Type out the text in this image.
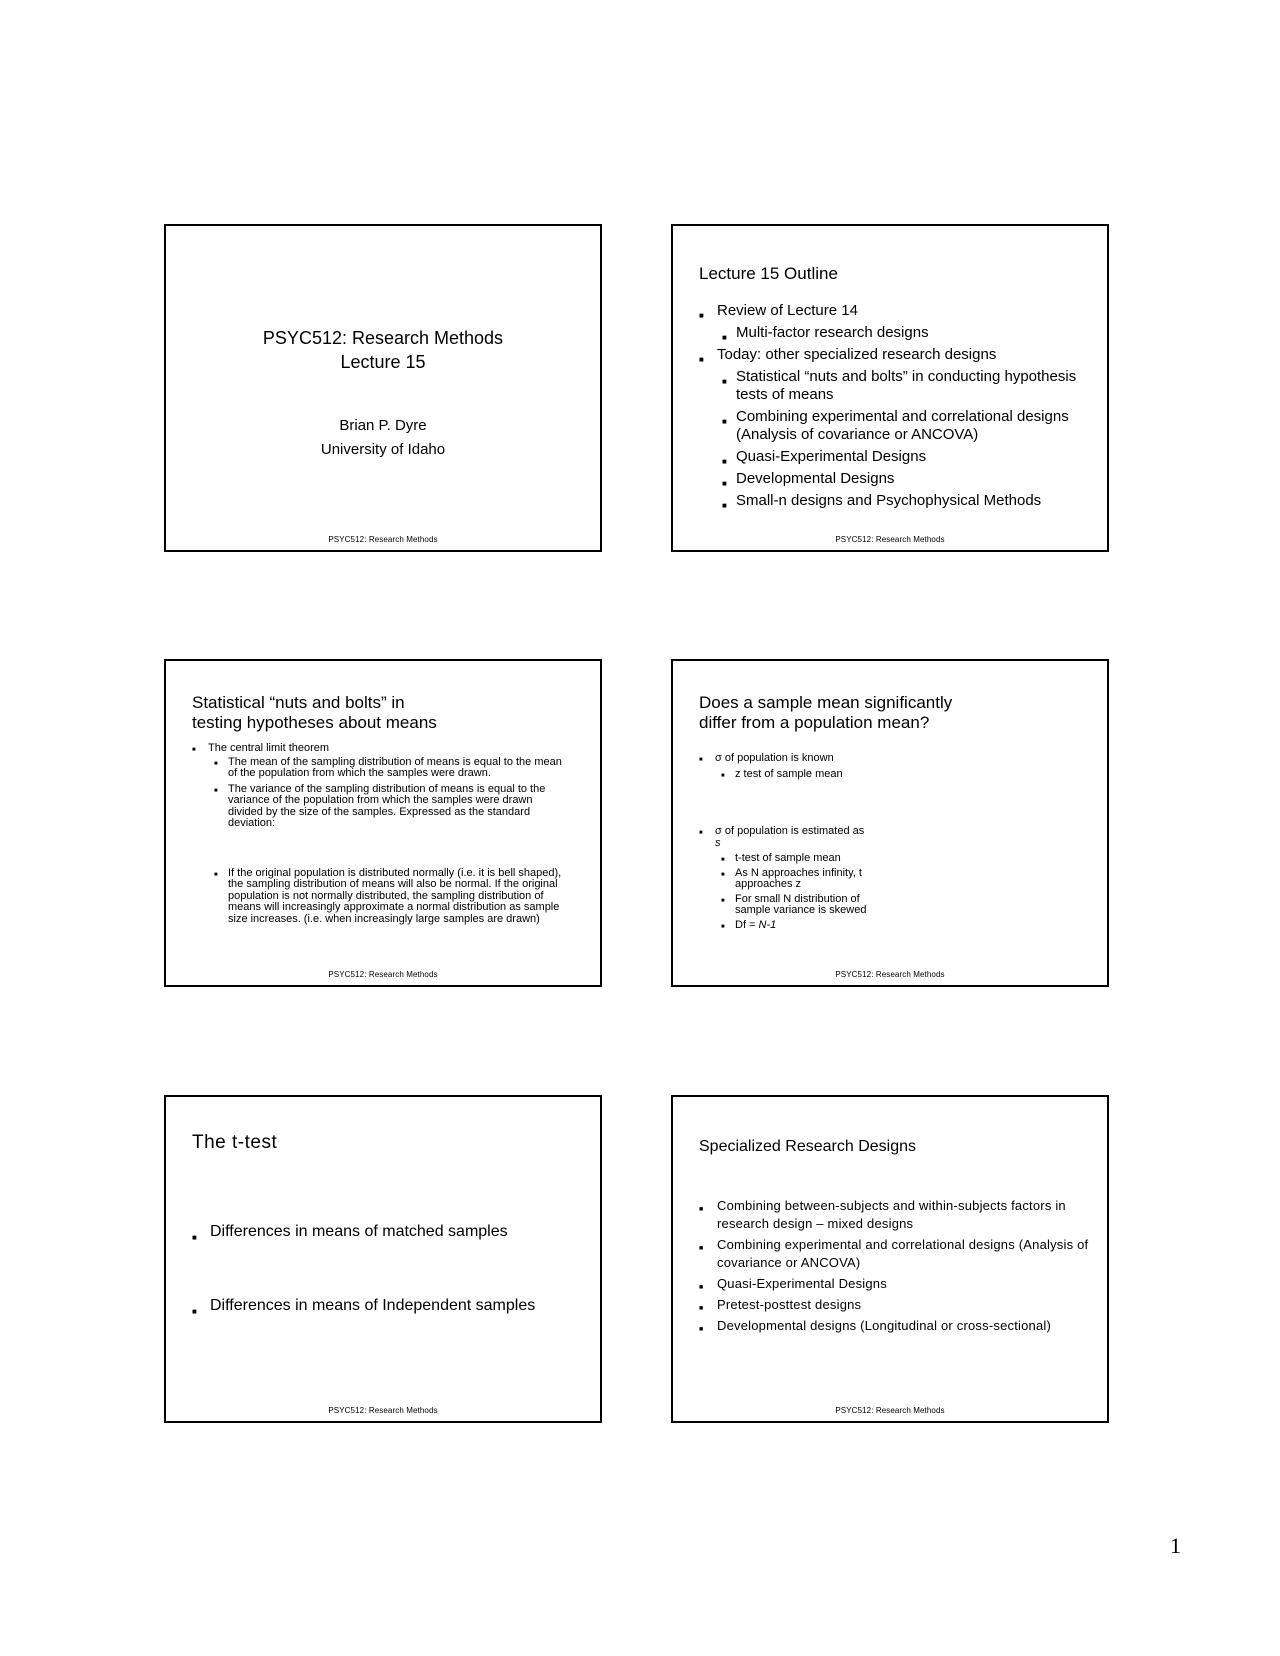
PSYC512: Research Methods
Lecture 15
Brian P. Dyre
University of Idaho
PSYC512: Research Methods
Lecture 15 Outline
■ Review of Lecture 14
■ Multi-factor research designs
■ Today: other specialized research designs
■ Statistical “nuts and bolts” in conducting hypothesis tests of means
■ Combining experimental and correlational designs (Analysis of covariance or ANCOVA)
■ Quasi-Experimental Designs
■ Developmental Designs
■ Small-n designs and Psychophysical Methods
PSYC512: Research Methods
Statistical “nuts and bolts” in
testing hypotheses about means
■ The central limit theorem
■ The mean of the sampling distribution of means is equal to the mean of the population from which the samples were drawn.
■ The variance of the sampling distribution of means is equal to the variance of the population from which the samples were drawn divided by the size of the samples. Expressed as the standard deviation:
■ If the original population is distributed normally (i.e. it is bell shaped), the sampling distribution of means will also be normal. If the original population is not normally distributed, the sampling distribution of means will increasingly approximate a normal distribution as sample size increases. (i.e. when increasingly large samples are drawn)
PSYC512: Research Methods
Does a sample mean significantly
differ from a population mean?
■ σ of population is known
■ z test of sample mean
■ σ of population is estimated as
s
■ t-test of sample mean
■ As N approaches infinity, t approaches z
■ For small N distribution of sample variance is skewed
■ Df = N-1
PSYC512: Research Methods
The t-test
■ Differences in means of matched samples
■ Differences in means of Independent samples
PSYC512: Research Methods
Specialized Research Designs
■ Combining between-subjects and within-subjects factors in research design – mixed designs
■ Combining experimental and correlational designs (Analysis of covariance or ANCOVA)
■ Quasi-Experimental Designs
■ Pretest-posttest designs
■ Developmental designs (Longitudinal or cross-sectional)
PSYC512: Research Methods
1
